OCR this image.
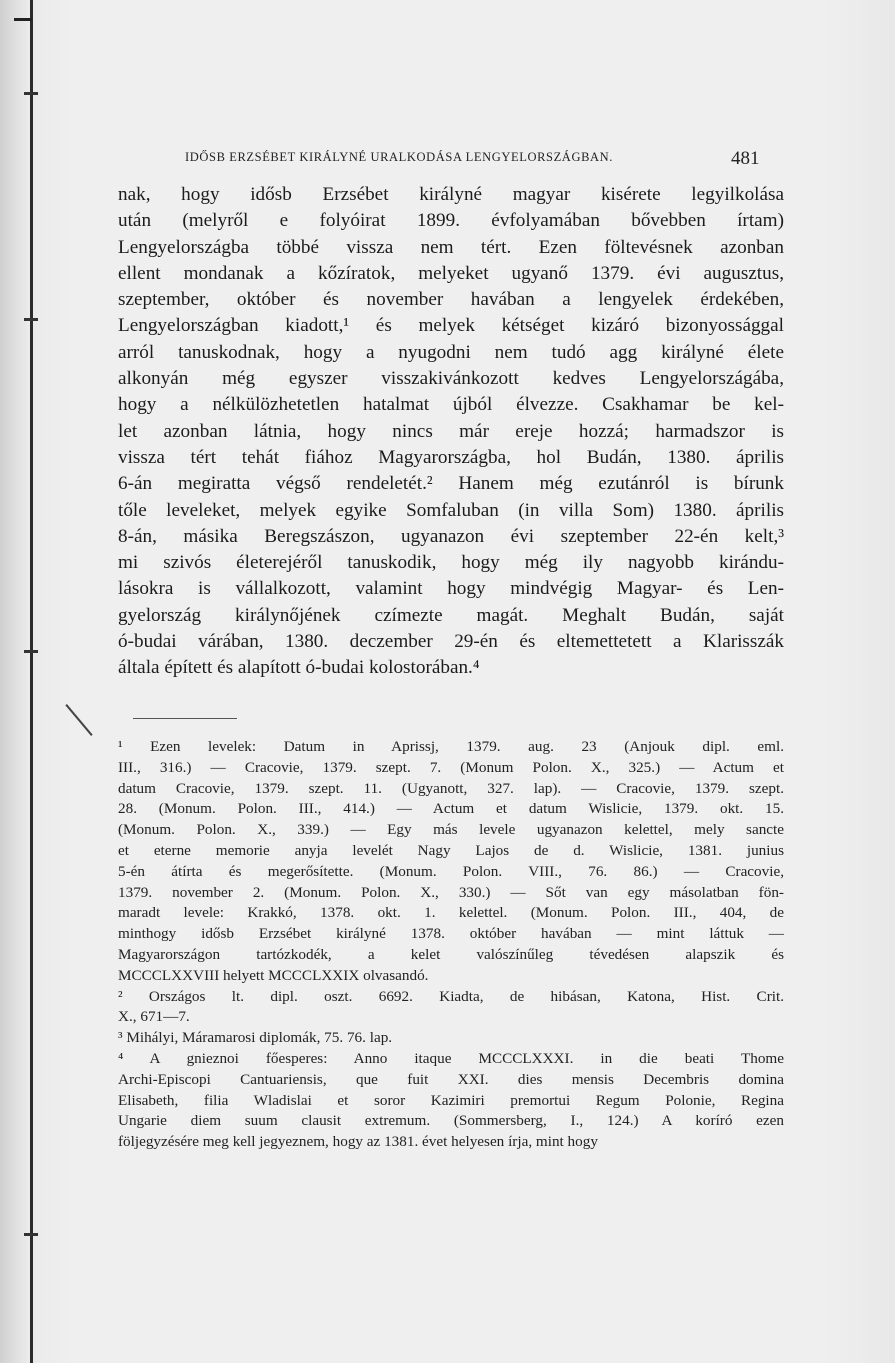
IDŐSB ERZSÉBET KIRÁLYNÉ URALKODÁSA LENGYELORSZÁGBAN.	481
nak, hogy idősb Erzsébet királyné magyar kisérete legyilkolása
után (melyről e folyóirat 1899. évfolyamában bővebben írtam)
Lengyelországba többé vissza nem tért. Ezen föltevésnek azonban
ellent mondanak a kőzíratok, melyeket ugyanő 1379. évi augusztus,
szeptember, október és november havában a lengyelek érdekében,
Lengyelországban kiadott,¹ és melyek kétséget kizáró bizonyossággal
arról tanuskodnak, hogy a nyugodni nem tudó agg királyné élete
alkonyán még egyszer visszakivánkozott kedves Lengyelországába,
hogy a nélkülözhetetlen hatalmat újból élvezze. Csakhamar be kel-
let azonban látnia, hogy nincs már ereje hozzá; harmadszor is
vissza tért tehát fiához Magyarországba, hol Budán, 1380. április
6-án megiratta végső rendeletét.² Hanem még ezutánról is bírunk
tőle leveleket, melyek egyike Somfaluban (in villa Som) 1380. április
8-án, másika Beregszászon, ugyanazon évi szeptember 22-én kelt,³
mi szivós életerejéről tanuskodik, hogy még ily nagyobb kirándu-
lásokra is vállalkozott, valamint hogy mindvégig Magyar- és Len-
gyelország királynőjének czímezte magát. Meghalt Budán, saját
ó-budai várában, 1380. deczember 29-én és eltemettetett a Klarisszák
általa épített és alapított ó-budai kolostorában.⁴
¹ Ezen levelek: Datum in Aprissj, 1379. aug. 23 (Anjouk dipl. eml.
III., 316.) — Cracovie, 1379. szept. 7. (Monum Polon. X., 325.) — Actum et
datum Cracovie, 1379. szept. 11. (Ugyanott, 327. lap). — Cracovie, 1379. szept.
28. (Monum. Polon. III., 414.) — Actum et datum Wislicie, 1379. okt. 15.
(Monum. Polon. X., 339.) — Egy más levele ugyanazon kelettel, mely sancte
et eterne memorie anyja levelét Nagy Lajos de d. Wislicie, 1381. junius
5-én átírta és megerősítette. (Monum. Polon. VIII., 76. 86.) — Cracovie,
1379. november 2. (Monum. Polon. X., 330.) — Sőt van egy másolatban fön-
maradt levele: Krakkó, 1378. okt. 1. kelettel. (Monum. Polon. III., 404, de
minthogy idősb Erzsébet királyné 1378. október havában — mint láttuk —
Magyarországon tartózkodék, a kelet valószínűleg tévedésen alapszik és
MCCCLXXVIII helyett MCCCLXXIX olvasandó.
² Országos lt. dipl. oszt. 6692. Kiadta, de hibásan, Katona, Hist. Crit.
X., 671—7.
³ Mihályi, Máramarosi diplomák, 75. 76. lap.
⁴ A gnieznoi főesperes: Anno itaque MCCCLXXXI. in die beati Thome
Archi-Episcopi Cantuariensis, que fuit XXI. dies mensis Decembris domina
Elisabeth, filia Wladislai et soror Kazimiri premortui Regum Polonie, Regina
Ungarie diem suum clausit extremum. (Sommersberg, I., 124.) A koríró ezen
följegyzésére meg kell jegyeznem, hogy az 1381. évet helyesen írja, mint hogy
